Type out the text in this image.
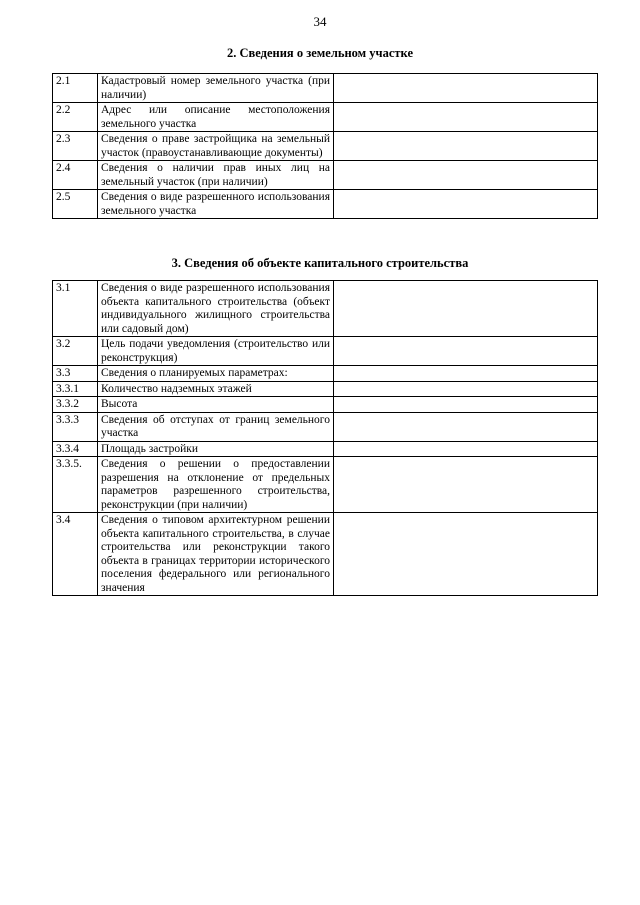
34
2. Сведения о земельном участке
2.1	Кадастровый номер земельного участка (при наличии)	
2.2	Адрес или описание местоположения земельного участка	
2.3	Сведения о праве застройщика на земельный участок (правоустанавливающие документы)	
2.4	Сведения о наличии прав иных лиц на земельный участок (при наличии)	
2.5	Сведения о виде разрешенного использования земельного участка	
3. Сведения об объекте капитального строительства
3.1	Сведения о виде разрешенного использования объекта капитального строительства (объект индивидуального жилищного строительства или садовый дом)	
3.2	Цель подачи уведомления (строительство или реконструкция)	
3.3	Сведения о планируемых параметрах:	
3.3.1	Количество надземных этажей	
3.3.2	Высота	
3.3.3	Сведения об отступах от границ земельного участка	
3.3.4	Площадь застройки	
3.3.5.	Сведения о решении о предоставлении разрешения на отклонение от предельных параметров разрешенного строительства, реконструкции (при наличии)	
3.4	Сведения о типовом архитектурном решении объекта капитального строительства, в случае строительства или реконструкции такого объекта в границах территории исторического поселения федерального или регионального значения	
